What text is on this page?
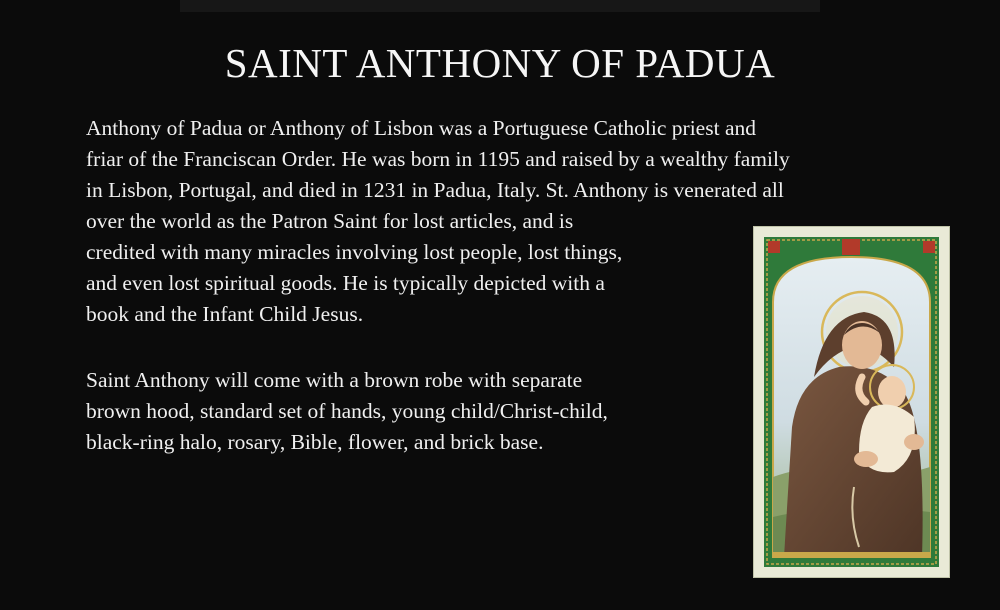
SAINT ANTHONY OF PADUA

Anthony of Padua or Anthony of Lisbon was a Portuguese Catholic priest and
friar of the Franciscan Order. He was born in 1195 and raised by a wealthy family
in Lisbon, Portugal, and died in 1231 in Padua, Italy. St. Anthony is venerated all
over the world as the Patron Saint for lost articles, and is
credited with many miracles involving lost people, lost things,
and even lost spiritual goods. He is typically depicted with a
book and the Infant Child Jesus.

Saint Anthony will come with a brown robe with separate
brown hood, standard set of hands, young child/Christ-child,
black-ring halo, rosary, Bible, flower, and brick base.
